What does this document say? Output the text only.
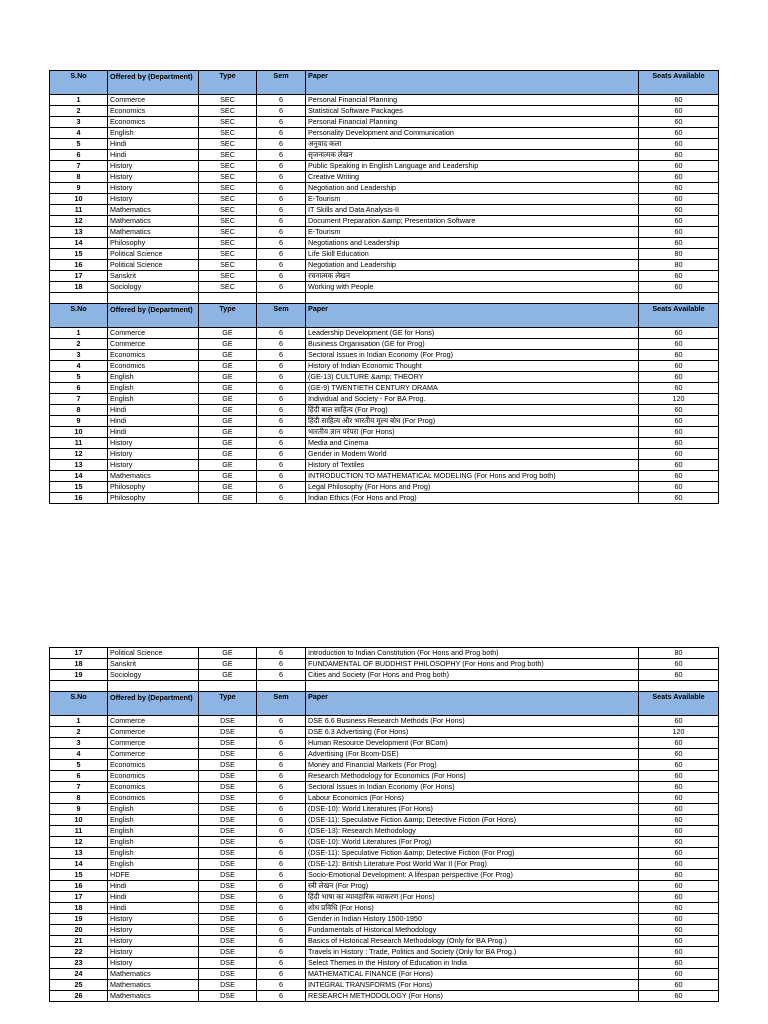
S.No	Offered by (Department)	Type	Sem	Paper	Seats Available
1	Commerce	SEC	6	Personal Financial Planning	60
2	Economics	SEC	6	Statistical Software Packages	60
3	Economics	SEC	6	Personal Financial Planning	60
4	English	SEC	6	Personality Development and Communication	60
5	Hindi	SEC	6	अनुवाद कला	60
6	Hindi	SEC	6	सृजनात्मक लेखन	60
7	History	SEC	6	Public Speaking in English Language and Leadership	60
8	History	SEC	6	Creative Writing	60
9	History	SEC	6	Negotiation and Leadership	60
10	History	SEC	6	E-Tourism	60
11	Mathematics	SEC	6	IT Skills and Data Analysis-II	60
12	Mathematics	SEC	6	Document Preparation &amp; Presentation Software	60
13	Mathematics	SEC	6	E-Tourism	60
14	Philosophy	SEC	6	Negotiations and Leadership	60
15	Political Science	SEC	6	Life Skill Education	80
16	Political Science	SEC	6	Negotiation and Leadership	80
17	Sanskrit	SEC	6	रचनात्मक लेखन	60
18	Sociology	SEC	6	Working with People	60

S.No	Offered by (Department)	Type	Sem	Paper	Seats Available
1	Commerce	GE	6	Leadership Development (GE for Hons)	60
2	Commerce	GE	6	Business Organisation (GE for Prog)	60
3	Economics	GE	6	Sectoral Issues in Indian Economy (For Prog)	60
4	Economics	GE	6	History of Indian Economic Thought	60
5	English	GE	6	(GE-13) CULTURE &amp; THEORY	60
6	English	GE	6	(GE-9) TWENTIETH CENTURY DRAMA	60
7	English	GE	6	Individual and Society - For BA Prog.	120
8	Hindi	GE	6	हिंदी बाल साहित्य (For Prog)	60
9	Hindi	GE	6	हिंदी साहित्य और भारतीय मूल्य बोध (For Prog)	60
10	Hindi	GE	6	भारतीय ज्ञान परंपरा (For Hons)	60
11	History	GE	6	Media and Cinema	60
12	History	GE	6	Gender in Modern World	60
13	History	GE	6	History of Textiles	60
14	Mathematics	GE	6	INTRODUCTION TO MATHEMATICAL MODELING (For Hons and Prog both)	60
15	Philosophy	GE	6	Legal Philosophy (For Hons and Prog)	60
16	Philosophy	GE	6	Indian Ethics (For Hons and Prog)	60
17	Political Science	GE	6	Introduction to Indian Constitution (For Hons and Prog both)	80
18	Sanskrit	GE	6	FUNDAMENTAL OF BUDDHIST PHILOSOPHY (For Hons and Prog both)	60
19	Sociology	GE	6	Cities and Society (For Hons and Prog both)	60

S.No	Offered by (Department)	Type	Sem	Paper	Seats Available
1	Commerce	DSE	6	DSE 6.6 Business Research Methods (For Hons)	60
2	Commerce	DSE	6	DSE 6.3 Advertising (For Hons)	120
3	Commerce	DSE	6	Human Resource Development (For BCom)	60
4	Commerce	DSE	6	Advertising (For Bcom-DSE)	60
5	Economics	DSE	6	Money and Financial Markets (For Prog)	60
6	Economics	DSE	6	Research Methodology for Economics (For Hons)	60
7	Economics	DSE	6	Sectoral Issues in Indian Economy (For Hons)	60
8	Economics	DSE	6	Labour Economics (For Hons)	60
9	English	DSE	6	(DSE-10): World Literatures (For Hons)	60
10	English	DSE	6	(DSE-11): Speculative Fiction &amp; Detective Fiction (For Hons)	60
11	English	DSE	6	(DSE-13): Research Methodology	60
12	English	DSE	6	(DSE-10): World Literatures (For Prog)	60
13	English	DSE	6	(DSE-11): Speculative Fiction &amp; Detective Fiction (For Prog)	60
14	English	DSE	6	(DSE-12): British Literature Post World War II (For Prog)	60
15	HDFE	DSE	6	Socio-Emotional Development: A lifespan perspective (For Prog)	60
16	Hindi	DSE	6	स्त्री लेखन (For Prog)	60
17	Hindi	DSE	6	हिंदी भाषा का व्यावहारिक व्याकरण (For Hons)	60
18	Hindi	DSE	6	शोध प्रविधि (For Hons)	60
19	History	DSE	6	Gender in Indian History 1500-1950	60
20	History	DSE	6	Fundamentals of Historical Methodology	60
21	History	DSE	6	Basics of Historical Research Methodology (Only for BA Prog.)	60
22	History	DSE	6	Travels in History : Trade, Politics and Society (Only for BA Prog.)	60
23	History	DSE	6	Select Themes in the History of Education in India	60
24	Mathematics	DSE	6	MATHEMATICAL FINANCE (For Hons)	60
25	Mathematics	DSE	6	INTEGRAL TRANSFORMS (For Hons)	60
26	Mathematics	DSE	6	RESEARCH METHODOLOGY (For Hons)	60
